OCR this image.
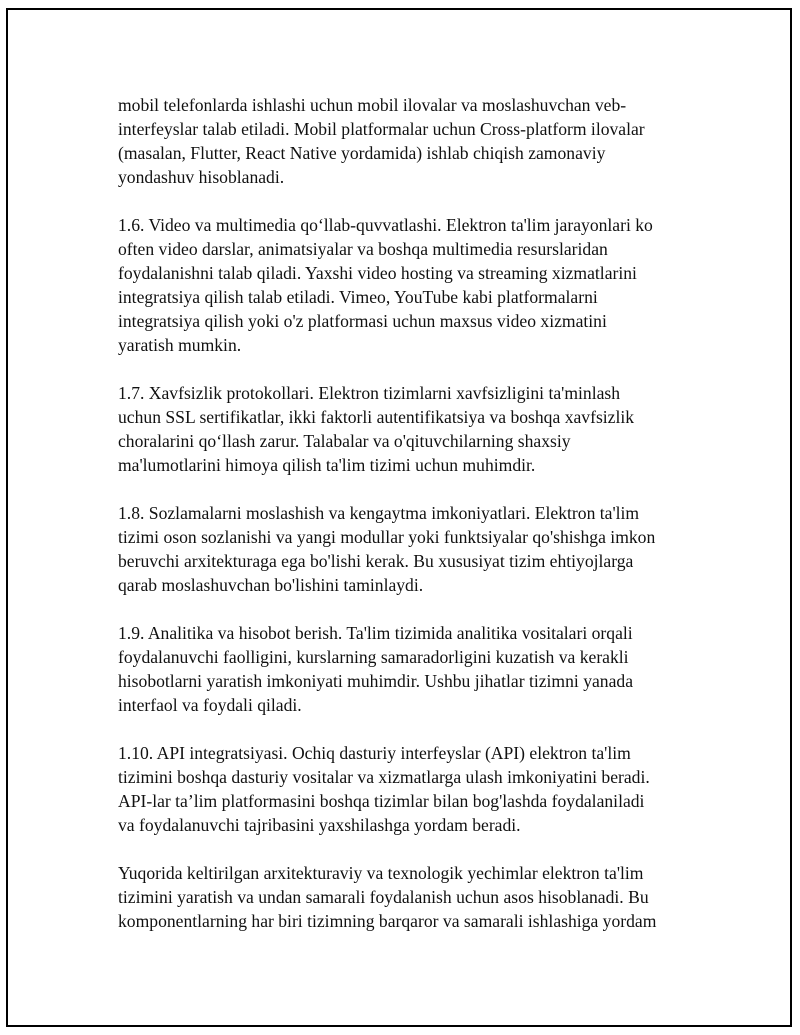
mobil telefonlarda ishlashi uchun mobil ilovalar va moslashuvchan veb-
interfeyslar talab etiladi. Mobil platformalar uchun Cross-platform ilovalar
(masalan, Flutter, React Native yordamida) ishlab chiqish zamonaviy
yondashuv hisoblanadi.

1.6. Video va multimedia qo‘llab-quvvatlashi. Elektron ta'lim jarayonlari ko
often video darslar, animatsiyalar va boshqa multimedia resurslaridan
foydalanishni talab qiladi. Yaxshi video hosting va streaming xizmatlarini
integratsiya qilish talab etiladi. Vimeo, YouTube kabi platformalarni
integratsiya qilish yoki o'z platformasi uchun maxsus video xizmatini
yaratish mumkin.

1.7. Xavfsizlik protokollari. Elektron tizimlarni xavfsizligini ta'minlash
uchun SSL sertifikatlar, ikki faktorli autentifikatsiya va boshqa xavfsizlik
choralarini qo‘llash zarur. Talabalar va o'qituvchilarning shaxsiy
ma'lumotlarini himoya qilish ta'lim tizimi uchun muhimdir.

1.8. Sozlamalarni moslashish va kengaytma imkoniyatlari. Elektron ta'lim
tizimi oson sozlanishi va yangi modullar yoki funktsiyalar qo'shishga imkon
beruvchi arxitekturaga ega bo'lishi kerak. Bu xususiyat tizim ehtiyojlarga
qarab moslashuvchan bo'lishini taminlaydi.

1.9. Analitika va hisobot berish. Ta'lim tizimida analitika vositalari orqali
foydalanuvchi faolligini, kurslarning samaradorligini kuzatish va kerakli
hisobotlarni yaratish imkoniyati muhimdir. Ushbu jihatlar tizimni yanada
interfaol va foydali qiladi.

1.10. API integratsiyasi. Ochiq dasturiy interfeyslar (API) elektron ta'lim
tizimini boshqa dasturiy vositalar va xizmatlarga ulash imkoniyatini beradi.
API-lar ta’lim platformasini boshqa tizimlar bilan bog'lashda foydalaniladi
va foydalanuvchi tajribasini yaxshilashga yordam beradi.

Yuqorida keltirilgan arxitekturaviy va texnologik yechimlar elektron ta'lim
tizimini yaratish va undan samarali foydalanish uchun asos hisoblanadi. Bu
komponentlarning har biri tizimning barqaror va samarali ishlashiga yordam
